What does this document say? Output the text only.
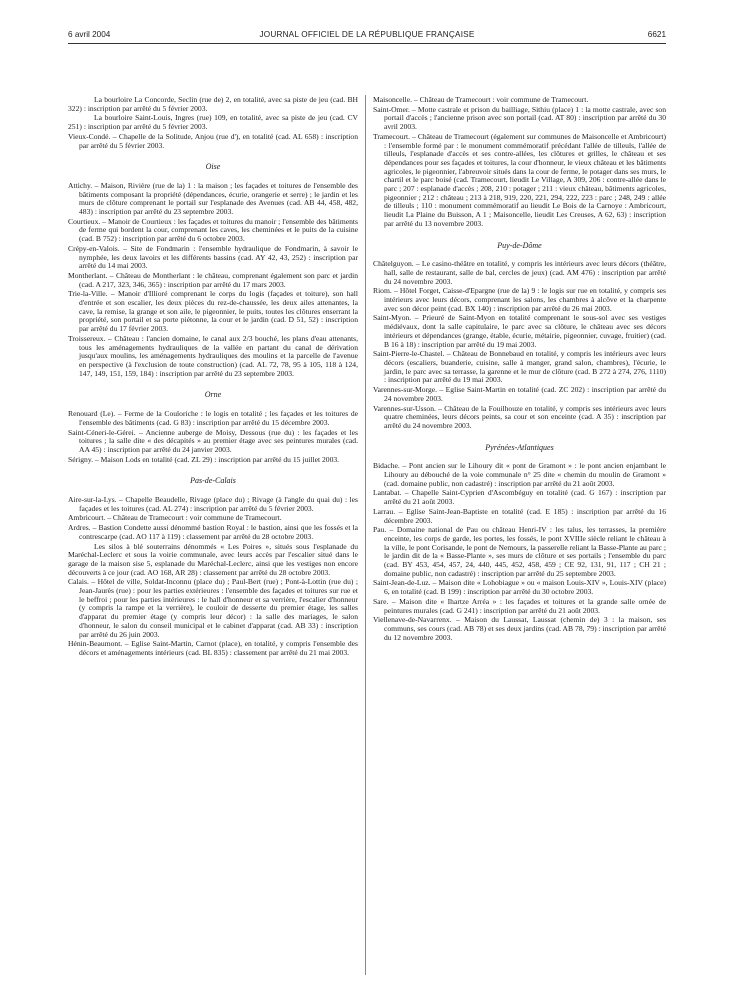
6 avril 2004	JOURNAL OFFICIEL DE LA RÉPUBLIQUE FRANÇAISE	6621

La bourloire La Concorde, Seclin (rue de) 2, en totalité, avec sa piste de jeu (cad. BH 322) : inscription par arrêté du 5 février 2003.

La bourloire Saint-Louis, Ingres (rue) 109, en totalité, avec sa piste de jeu (cad. CV 251) : inscription par arrêté du 5 février 2003.

Vieux-Condé. – Chapelle de la Solitude, Anjou (rue d'), en totalité (cad. AL 658) : inscription par arrêté du 5 février 2003.

Oise

Attichy. – Maison, Rivière (rue de la) 1 : la maison ; les façades et toitures de l'ensemble des bâtiments composant la propriété (dépendances, écurie, orangerie et serre) ; le jardin et les murs de clôture comprenant le portail sur l'esplanade des Avenues (cad. AB 44, 458, 482, 483) : inscription par arrêté du 23 septembre 2003.

Courtieux. – Manoir de Courtieux : les façades et toitures du manoir ; l'ensemble des bâtiments de ferme qui bordent la cour, comprenant les caves, les cheminées et le puits de la cuisine (cad. B 752) : inscription par arrêté du 6 octobre 2003.

Crépy-en-Valois. – Site de Fondmarin : l'ensemble hydraulique de Fondmarin, à savoir le nymphée, les deux lavoirs et les différents bassins (cad. AY 42, 43, 252) : inscription par arrêté du 14 mai 2003.

Montherlant. – Château de Montherlant : le château, comprenant également son parc et jardin (cad. A 217, 323, 346, 365) : inscription par arrêté du 17 mars 2003.

Trie-la-Ville. – Manoir d'Illioré comprenant le corps du logis (façades et toiture), son hall d'entrée et son escalier, les deux pièces du rez-de-chaussée, les deux ailes attenantes, la cave, la remise, la grange et son aile, le pigeonnier, le puits, toutes les clôtures enserrant la propriété, son portail et sa porte piétonne, la cour et le jardin (cad. D 51, 52) : inscription par arrêté du 17 février 2003.

Troissereux. – Château : l'ancien domaine, le canal aux 2/3 bouché, les plans d'eau attenants, tous les aménagements hydrauliques de la vallée en partant du canal de dérivation jusqu'aux moulins, les aménagements hydrauliques des moulins et la parcelle de l'avenue en perspective (à l'exclusion de toute construction) (cad. AL 72, 78, 95 à 105, 118 à 124, 147, 149, 151, 159, 184) : inscription par arrêté du 23 septembre 2003.

Orne

Renouard (Le). – Ferme de la Couloriche : le logis en totalité ; les façades et les toitures de l'ensemble des bâtiments (cad. G 83) : inscription par arrêté du 15 décembre 2003.

Saint-Céneri-le-Gérei. – Ancienne auberge de Moisy, Dessous (rue du) : les façades et les toitures ; la salle dite « des décapités » au premier étage avec ses peintures murales (cad. AA 45) : inscription par arrêté du 24 janvier 2003.

Sérigny. – Maison Lods en totalité (cad. ZL 29) : inscription par arrêté du 15 juillet 2003.

Pas-de-Calais

Aire-sur-la-Lys. – Chapelle Beaudelle, Rivage (place du) ; Rivage (à l'angle du quai du) : les façades et les toitures (cad. AL 274) : inscription par arrêté du 5 février 2003.

Ambricourt. – Château de Tramecourt : voir commune de Tramecourt.

Ardres. – Bastion Condette aussi dénommé bastion Royal : le bastion, ainsi que les fossés et la contrescarpe (cad. AO 117 à 119) : classement par arrêté du 28 octobre 2003.

Les silos à blé souterrains dénommés « Les Poires », situés sous l'esplanade du Maréchal-Leclerc et sous la voirie communale, avec leurs accès par l'escalier situé dans le garage de la maison sise 5, esplanade du Maréchal-Leclerc, ainsi que les vestiges non encore découverts à ce jour (cad. AO 168, AR 28) : classement par arrêté du 28 octobre 2003.

Calais. – Hôtel de ville, Soldat-Inconnu (place du) ; Paul-Bert (rue) ; Pont-à-Lottin (rue du) ; Jean-Jaurès (rue) : pour les parties extérieures : l'ensemble des façades et toitures sur rue et le beffroi ; pour les parties intérieures : le hall d'honneur et sa verrière, l'escalier d'honneur (y compris la rampe et la verrière), le couloir de desserte du premier étage, les salles d'apparat du premier étage (y compris leur décor) : la salle des mariages, le salon d'honneur, le salon du conseil municipal et le cabinet d'apparat (cad. AB 33) : inscription par arrêté du 26 juin 2003.

Hénin-Beaumont. – Eglise Saint-Martin, Carnot (place), en totalité, y compris l'ensemble des décors et aménagements intérieurs (cad. BL 835) : classement par arrêté du 21 mai 2003.

Maisoncelle. – Château de Tramecourt : voir commune de Tramecourt.

Saint-Omer. – Motte castrale et prison du bailliage, Sithiu (place) 1 : la motte castrale, avec son portail d'accès ; l'ancienne prison avec son portail (cad. AT 80) : inscription par arrêté du 30 avril 2003.

Tramecourt. – Château de Tramecourt (également sur communes de Maisoncelle et Ambricourt) : l'ensemble formé par : le monument commémoratif précédant l'allée de tilleuls, l'allée de tilleuls, l'esplanade d'accès et ses contre-allées, les clôtures et grilles, le château et ses dépendances pour ses façades et toitures, la cour d'honneur, le vieux château et les bâtiments agricoles, le pigeonnier, l'abreuvoir situés dans la cour de ferme, le potager dans ses murs, le chartil et le parc boisé (cad. Tramecourt, lieudit Le Village, A 309, 206 : contre-allée dans le parc ; 207 : esplanade d'accès ; 208, 210 : potager ; 211 : vieux château, bâtiments agricoles, pigeonnier ; 212 : château ; 213 à 218, 919, 220, 221, 294, 222, 223 : parc ; 248, 249 : allée de tilleuls ; 110 : monument commémoratif au lieudit Le Bois de la Carnoye : Ambricourt, lieudit La Plaine du Buisson, A 1 ; Maisoncelle, lieudit Les Creuses, A 62, 63) : inscription par arrêté du 13 novembre 2003.

Puy-de-Dôme

Châtelguyon. – Le casino-théâtre en totalité, y compris les intérieurs avec leurs décors (théâtre, hall, salle de restaurant, salle de bal, cercles de jeux) (cad. AM 476) : inscription par arrêté du 24 novembre 2003.

Riom. – Hôtel Forget, Caisse-d'Epargne (rue de la) 9 : le logis sur rue en totalité, y compris ses intérieurs avec leurs décors, comprenant les salons, les chambres à alcôve et la charpente avec son décor peint (cad. BX 140) : inscription par arrêté du 26 mai 2003.

Saint-Myon. – Prieuré de Saint-Myon en totalité comprenant le sous-sol avec ses vestiges médiévaux, dont la salle capitulaire, le parc avec sa clôture, le château avec ses décors intérieurs et dépendances (grange, étable, écurie, métairie, pigeonnier, cuvage, fruitier) (cad. B 16 à 18) : inscription par arrêté du 19 mai 2003.

Saint-Pierre-le-Chastel. – Château de Bonnebaud en totalité, y compris les intérieurs avec leurs décors (escaliers, buanderie, cuisine, salle à manger, grand salon, chambres), l'écurie, le jardin, le parc avec sa terrasse, la garenne et le mur de clôture (cad. B 272 à 274, 276, 1110) : inscription par arrêté du 19 mai 2003.

Varennes-sur-Morge. – Eglise Saint-Martin en totalité (cad. ZC 202) : inscription par arrêté du 24 novembre 2003.

Varennes-sur-Usson. – Château de la Fouilhouze en totalité, y compris ses intérieurs avec leurs quatre cheminées, leurs décors peints, sa cour et son enceinte (cad. A 35) : inscription par arrêté du 24 novembre 2003.

Pyrénées-Atlantiques

Bidache. – Pont ancien sur le Lihoury dit « pont de Gramont » : le pont ancien enjambant le Lihoury au débouché de la voie communale n° 25 dite « chemin du moulin de Gramont » (cad. domaine public, non cadastré) : inscription par arrêté du 21 août 2003.

Lantabat. – Chapelle Saint-Cyprien d'Ascombéguy en totalité (cad. G 167) : inscription par arrêté du 21 août 2003.

Larrau. – Eglise Saint-Jean-Baptiste en totalité (cad. E 185) : inscription par arrêté du 16 décembre 2003.

Pau. – Domaine national de Pau ou château Henri-IV : les talus, les terrasses, la première enceinte, les corps de garde, les portes, les fossés, le pont XVIIIe siècle reliant le château à la ville, le pont Corisande, le pont de Nemours, la passerelle reliant la Basse-Plante au parc ; le jardin dit de la « Basse-Plante », ses murs de clôture et ses portails ; l'ensemble du parc (cad. BY 453, 454, 457, 24, 440, 445, 452, 458, 459 ; CE 92, 131, 91, 117 ; CH 21 ; domaine public, non cadastré) : inscription par arrêté du 25 septembre 2003.

Saint-Jean-de-Luz. – Maison dite « Lohobiague » ou « maison Louis-XIV », Louis-XIV (place) 6, en totalité (cad. B 199) : inscription par arrêté du 30 octobre 2003.

Sare. – Maison dite « Ihartze Arréa » : les façades et toitures et la grande salle ornée de peintures murales (cad. G 241) : inscription par arrêté du 21 août 2003.

Viellenave-de-Navarrenx. – Maison du Laussat, Laussat (chemin de) 3 : la maison, ses communs, ses cours (cad. AB 78) et ses deux jardins (cad. AB 78, 79) : inscription par arrêté du 12 novembre 2003.
